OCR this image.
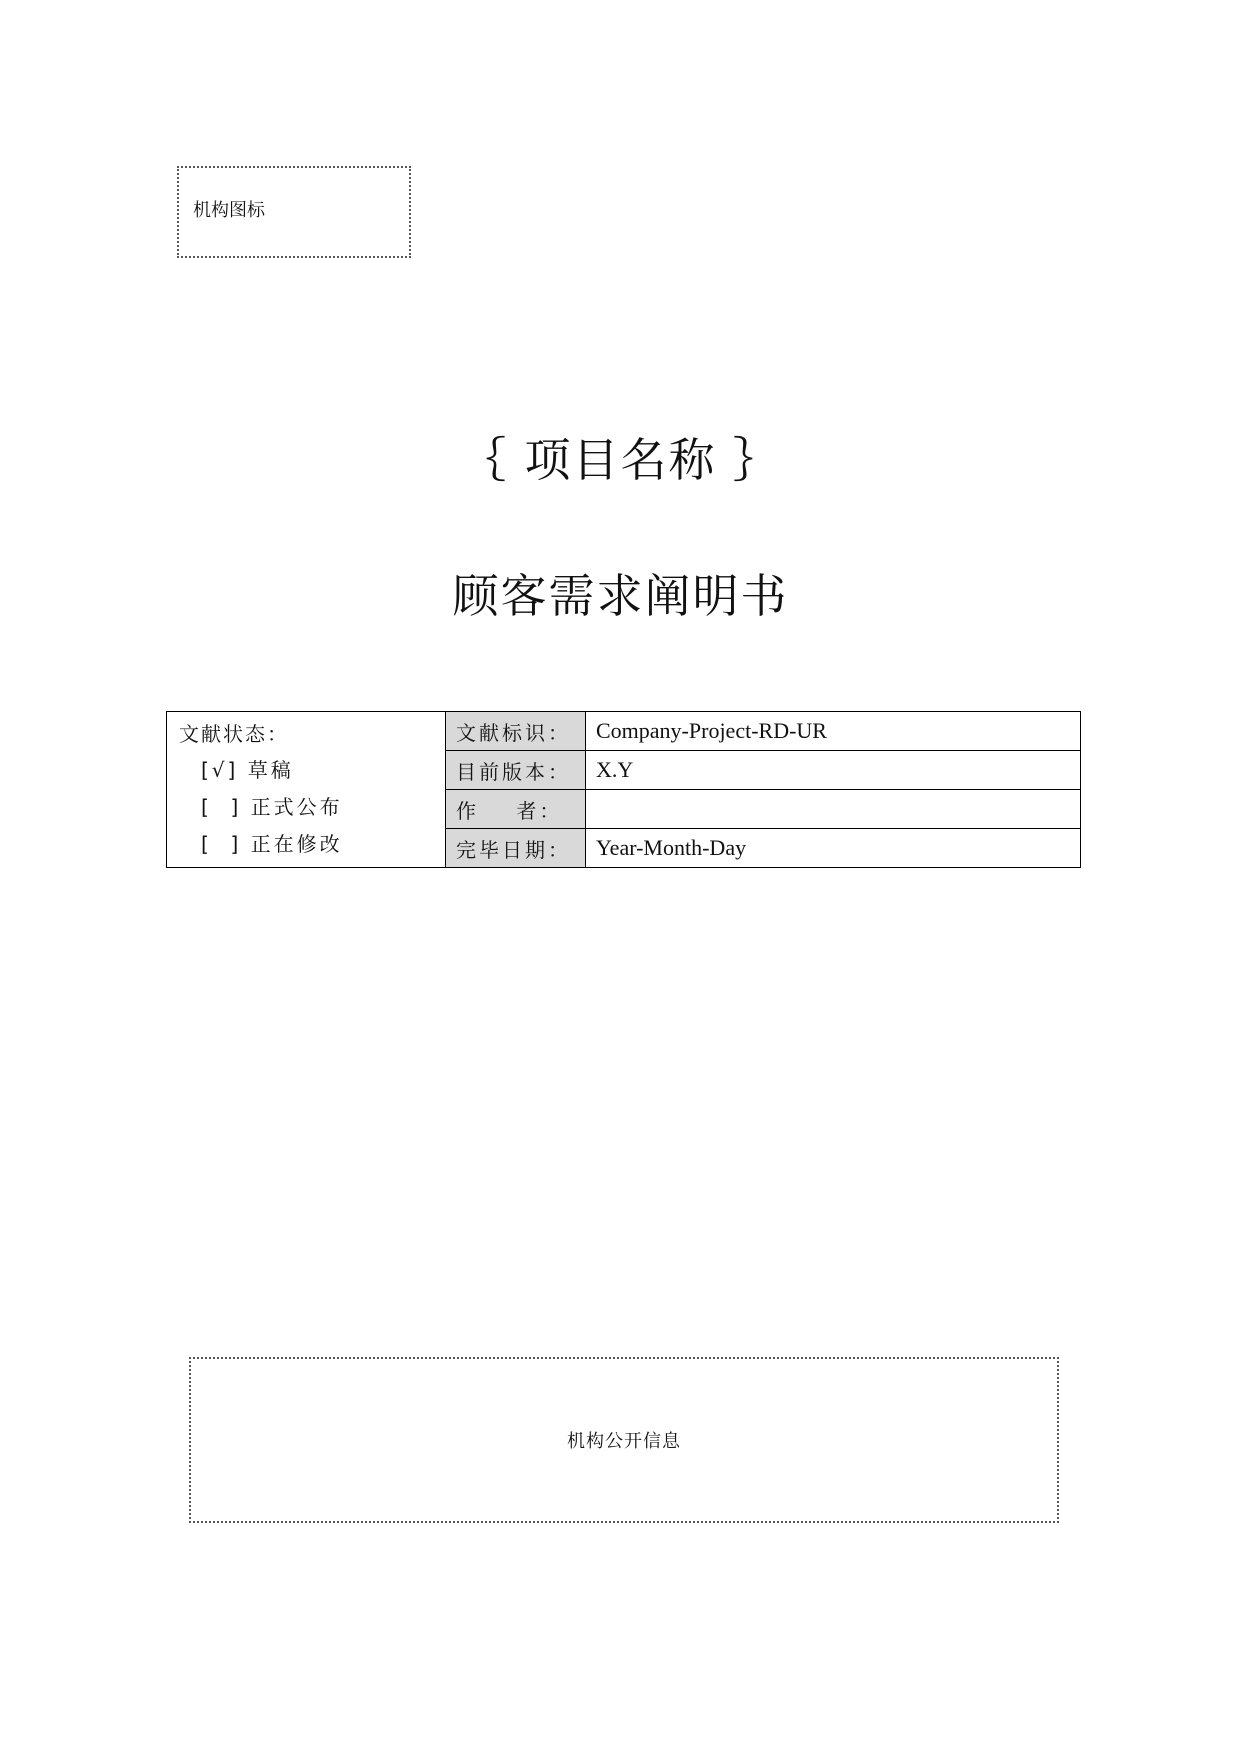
机构图标
｛ 项目名称 ｝
顾客需求阐明书
文献状态：
[√] 草稿
[  ] 正式公布
[  ] 正在修改	文献标识：	Company-Project-RD-UR
	目前版本：	X.Y
	作    者：	
	完毕日期：	Year-Month-Day
机构公开信息
